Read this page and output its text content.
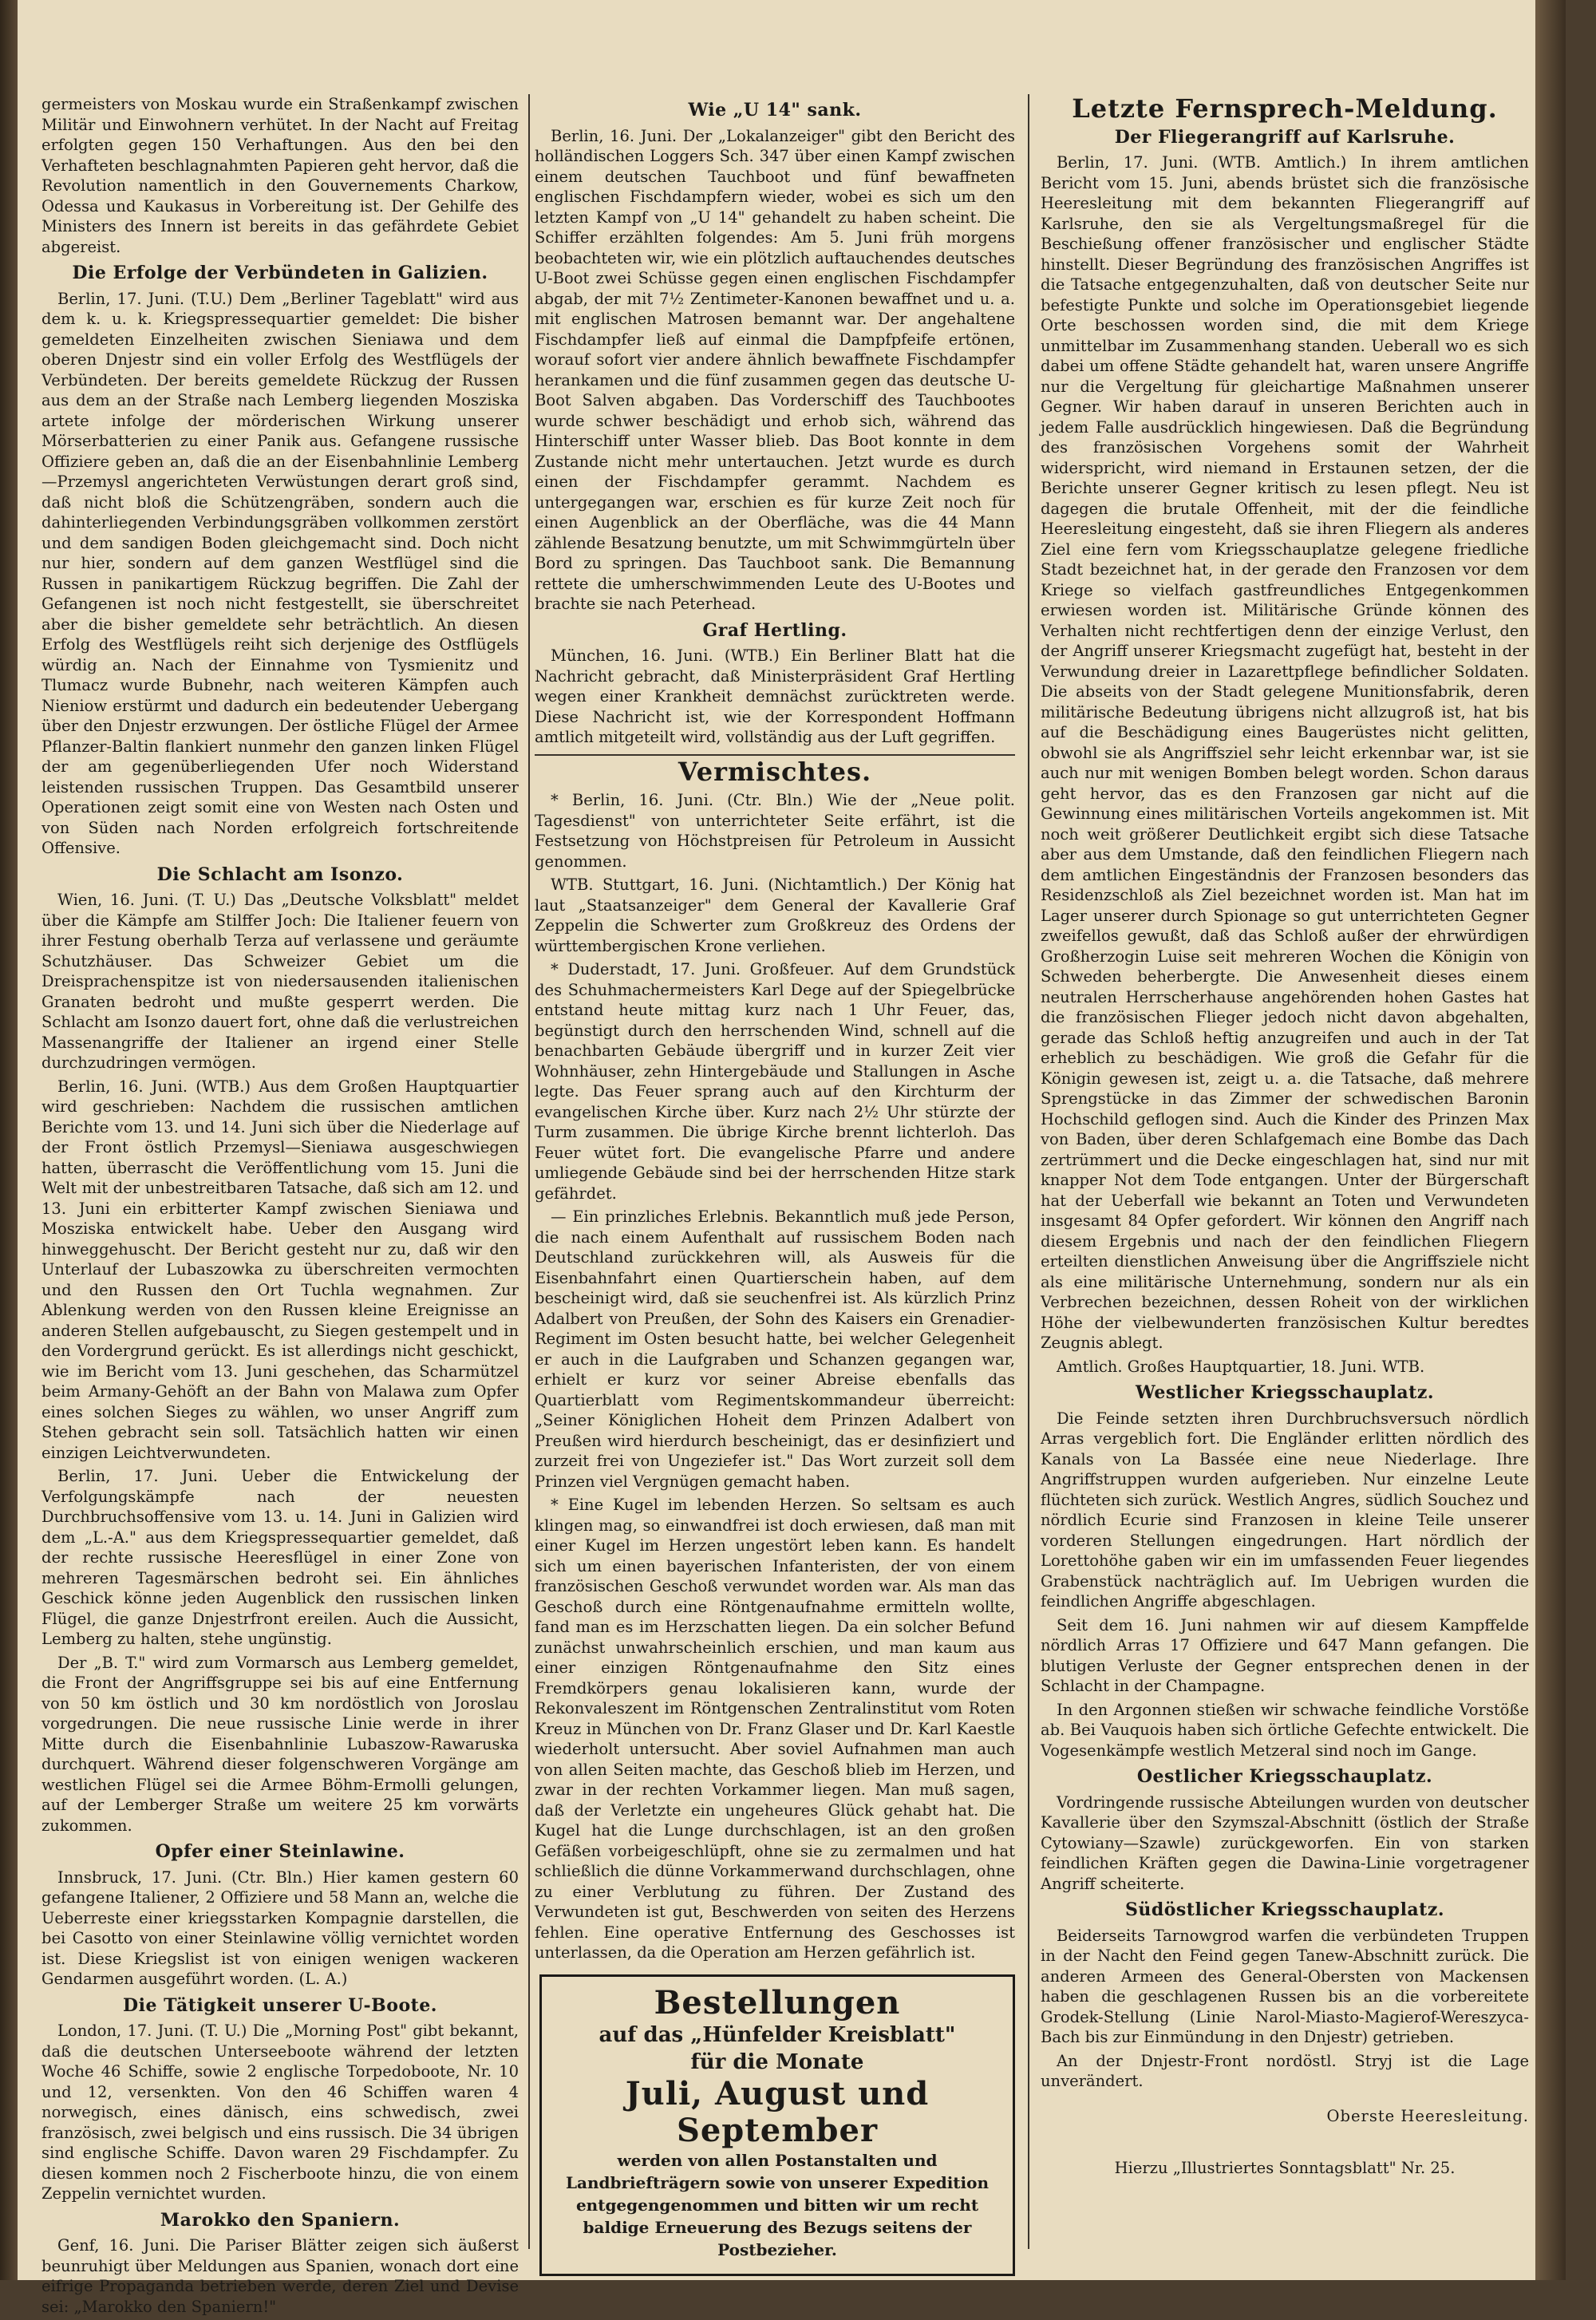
germeisters von Moskau wurde ein Straßenkampf zwischen Militär und Einwohnern verhütet. In der Nacht auf Freitag erfolgten gegen 150 Verhaftungen. Aus den bei den Verhafteten beschlagnahmten Papieren geht hervor, daß die Revolution namentlich in den Gouvernements Charkow, Odessa und Kaukasus in Vorbereitung ist. Der Gehilfe des Ministers des Innern ist bereits in das gefährdete Gebiet abgereist.

Die Erfolge der Verbündeten in Galizien.

Berlin, 17. Juni. (T.U.) Dem „Berliner Tageblatt" wird aus dem k. u. k. Kriegspressequartier gemeldet: Die bisher gemeldeten Einzelheiten zwischen Sieniawa und dem oberen Dnjestr sind ein voller Erfolg des Westflügels der Verbündeten. Der bereits gemeldete Rückzug der Russen aus dem an der Straße nach Lemberg liegenden Mosziska artete infolge der mörderischen Wirkung unserer Mörserbatterien zu einer Panik aus. Gefangene russische Offiziere geben an, daß die an der Eisenbahnlinie Lemberg—Przemysl angerichteten Verwüstungen derart groß sind, daß nicht bloß die Schützengräben, sondern auch die dahinterliegenden Verbindungsgräben vollkommen zerstört und dem sandigen Boden gleichgemacht sind. Doch nicht nur hier, sondern auf dem ganzen Westflügel sind die Russen in panikartigem Rückzug begriffen. Die Zahl der Gefangenen ist noch nicht festgestellt, sie überschreitet aber die bisher gemeldete sehr beträchtlich. An diesen Erfolg des Westflügels reiht sich derjenige des Ostflügels würdig an. Nach der Einnahme von Tysmienitz und Tlumacz wurde Bubnehr, nach weiteren Kämpfen auch Nieniow erstürmt und dadurch ein bedeutender Uebergang über den Dnjestr erzwungen. Der östliche Flügel der Armee Pflanzer-Baltin flankiert nunmehr den ganzen linken Flügel der am gegenüberliegenden Ufer noch Widerstand leistenden russischen Truppen. Das Gesamtbild unserer Operationen zeigt somit eine von Westen nach Osten und von Süden nach Norden erfolgreich fortschreitende Offensive.

Die Schlacht am Isonzo.

Wien, 16. Juni. (T. U.) Das „Deutsche Volksblatt" meldet über die Kämpfe am Stilffer Joch: Die Italiener feuern von ihrer Festung oberhalb Terza auf verlassene und geräumte Schutzhäuser. Das Schweizer Gebiet um die Dreisprachenspitze ist von niedersausenden italienischen Granaten bedroht und mußte gesperrt werden. Die Schlacht am Isonzo dauert fort, ohne daß die verlustreichen Massenangriffe der Italiener an irgend einer Stelle durchzudringen vermögen.

Berlin, 16. Juni. (WTB.) Aus dem Großen Hauptquartier wird geschrieben: Nachdem die russischen amtlichen Berichte vom 13. und 14. Juni sich über die Niederlage auf der Front östlich Przemysl—Sieniawa ausgeschwiegen hatten, überrascht die Veröffentlichung vom 15. Juni die Welt mit der unbestreitbaren Tatsache, daß sich am 12. und 13. Juni ein erbitterter Kampf zwischen Sieniawa und Mosziska entwickelt habe. Ueber den Ausgang wird hinweggehuscht. Der Bericht gesteht nur zu, daß wir den Unterlauf der Lubaszowka zu überschreiten vermochten und den Russen den Ort Tuchla wegnahmen. Zur Ablenkung werden von den Russen kleine Ereignisse an anderen Stellen aufgebauscht, zu Siegen gestempelt und in den Vordergrund gerückt. Es ist allerdings nicht geschickt, wie im Bericht vom 13. Juni geschehen, das Scharmützel beim Armany-Gehöft an der Bahn von Malawa zum Opfer eines solchen Sieges zu wählen, wo unser Angriff zum Stehen gebracht sein soll. Tatsächlich hatten wir einen einzigen Leichtverwundeten.

Berlin, 17. Juni. Ueber die Entwickelung der Verfolgungskämpfe nach der neuesten Durchbruchsoffensive vom 13. u. 14. Juni in Galizien wird dem „L.-A." aus dem Kriegspressequartier gemeldet, daß der rechte russische Heeresflügel in einer Zone von mehreren Tagesmärschen bedroht sei. Ein ähnliches Geschick könne jeden Augenblick den russischen linken Flügel, die ganze Dnjestrfront ereilen. Auch die Aussicht, Lemberg zu halten, stehe ungünstig.

Der „B. T." wird zum Vormarsch aus Lemberg gemeldet, die Front der Angriffsgruppe sei bis auf eine Entfernung von 50 km östlich und 30 km nordöstlich von Joroslau vorgedrungen. Die neue russische Linie werde in ihrer Mitte durch die Eisenbahnlinie Lubaszow-Rawaruska durchquert. Während dieser folgenschweren Vorgänge am westlichen Flügel sei die Armee Böhm-Ermolli gelungen, auf der Lemberger Straße um weitere 25 km vorwärts zukommen.

Opfer einer Steinlawine.

Innsbruck, 17. Juni. (Ctr. Bln.) Hier kamen gestern 60 gefangene Italiener, 2 Offiziere und 58 Mann an, welche die Ueberreste einer kriegsstarken Kompagnie darstellen, die bei Casotto von einer Steinlawine völlig vernichtet worden ist. Diese Kriegslist ist von einigen wenigen wackeren Gendarmen ausgeführt worden. (L. A.)

Die Tätigkeit unserer U-Boote.

London, 17. Juni. (T. U.) Die „Morning Post" gibt bekannt, daß die deutschen Unterseeboote während der letzten Woche 46 Schiffe, sowie 2 englische Torpedoboote, Nr. 10 und 12, versenkten. Von den 46 Schiffen waren 4 norwegisch, eines dänisch, eins schwedisch, zwei französisch, zwei belgisch und eins russisch. Die 34 übrigen sind englische Schiffe. Davon waren 29 Fischdampfer. Zu diesen kommen noch 2 Fischerboote hinzu, die von einem Zeppelin vernichtet wurden.

Marokko den Spaniern.

Genf, 16. Juni. Die Pariser Blätter zeigen sich äußerst beunruhigt über Meldungen aus Spanien, wonach dort eine eifrige Propaganda betrieben werde, deren Ziel und Devise sei: „Marokko den Spaniern!"

Wie „U 14" sank.

Berlin, 16. Juni. Der „Lokalanzeiger" gibt den Bericht des holländischen Loggers Sch. 347 über einen Kampf zwischen einem deutschen Tauchboot und fünf bewaffneten englischen Fischdampfern wieder, wobei es sich um den letzten Kampf von „U 14" gehandelt zu haben scheint. Die Schiffer erzählten folgendes: Am 5. Juni früh morgens beobachteten wir, wie ein plötzlich auftauchendes deutsches U-Boot zwei Schüsse gegen einen englischen Fischdampfer abgab, der mit 7½ Zentimeter-Kanonen bewaffnet und u. a. mit englischen Matrosen bemannt war. Der angehaltene Fischdampfer ließ auf einmal die Dampfpfeife ertönen, worauf sofort vier andere ähnlich bewaffnete Fischdampfer herankamen und die fünf zusammen gegen das deutsche U-Boot Salven abgaben. Das Vorderschiff des Tauchbootes wurde schwer beschädigt und erhob sich, während das Hinterschiff unter Wasser blieb. Das Boot konnte in dem Zustande nicht mehr untertauchen. Jetzt wurde es durch einen der Fischdampfer gerammt. Nachdem es untergegangen war, erschien es für kurze Zeit noch für einen Augenblick an der Oberfläche, was die 44 Mann zählende Besatzung benutzte, um mit Schwimmgürteln über Bord zu springen. Das Tauchboot sank. Die Bemannung rettete die umherschwimmenden Leute des U-Bootes und brachte sie nach Peterhead.

Graf Hertling.

München, 16. Juni. (WTB.) Ein Berliner Blatt hat die Nachricht gebracht, daß Ministerpräsident Graf Hertling wegen einer Krankheit demnächst zurücktreten werde. Diese Nachricht ist, wie der Korrespondent Hoffmann amtlich mitgeteilt wird, vollständig aus der Luft gegriffen.

Vermischtes.

* Berlin, 16. Juni. (Ctr. Bln.) Wie der „Neue polit. Tagesdienst" von unterrichteter Seite erfährt, ist die Festsetzung von Höchstpreisen für Petroleum in Aussicht genommen.

WTB. Stuttgart, 16. Juni. (Nichtamtlich.) Der König hat laut „Staatsanzeiger" dem General der Kavallerie Graf Zeppelin die Schwerter zum Großkreuz des Ordens der württembergischen Krone verliehen.

* Duderstadt, 17. Juni. Großfeuer. Auf dem Grundstück des Schuhmachermeisters Karl Dege auf der Spiegelbrücke entstand heute mittag kurz nach 1 Uhr Feuer, das, begünstigt durch den herrschenden Wind, schnell auf die benachbarten Gebäude übergriff und in kurzer Zeit vier Wohnhäuser, zehn Hintergebäude und Stallungen in Asche legte. Das Feuer sprang auch auf den Kirchturm der evangelischen Kirche über. Kurz nach 2½ Uhr stürzte der Turm zusammen. Die übrige Kirche brennt lichterloh. Das Feuer wütet fort. Die evangelische Pfarre und andere umliegende Gebäude sind bei der herrschenden Hitze stark gefährdet.

— Ein prinzliches Erlebnis. Bekanntlich muß jede Person, die nach einem Aufenthalt auf russischem Boden nach Deutschland zurückkehren will, als Ausweis für die Eisenbahnfahrt einen Quartierschein haben, auf dem bescheinigt wird, daß sie seuchenfrei ist. Als kürzlich Prinz Adalbert von Preußen, der Sohn des Kaisers ein Grenadier-Regiment im Osten besucht hatte, bei welcher Gelegenheit er auch in die Laufgraben und Schanzen gegangen war, erhielt er kurz vor seiner Abreise ebenfalls das Quartierblatt vom Regimentskommandeur überreicht: „Seiner Königlichen Hoheit dem Prinzen Adalbert von Preußen wird hierdurch bescheinigt, das er desinfiziert und zurzeit frei von Ungeziefer ist." Das Wort zurzeit soll dem Prinzen viel Vergnügen gemacht haben.

* Eine Kugel im lebenden Herzen. So seltsam es auch klingen mag, so einwandfrei ist doch erwiesen, daß man mit einer Kugel im Herzen ungestört leben kann. Es handelt sich um einen bayerischen Infanteristen, der von einem französischen Geschoß verwundet worden war. Als man das Geschoß durch eine Röntgenaufnahme ermitteln wollte, fand man es im Herzschatten liegen. Da ein solcher Befund zunächst unwahrscheinlich erschien, und man kaum aus einer einzigen Röntgenaufnahme den Sitz eines Fremdkörpers genau lokalisieren kann, wurde der Rekonvaleszent im Röntgenschen Zentralinstitut vom Roten Kreuz in München von Dr. Franz Glaser und Dr. Karl Kaestle wiederholt untersucht. Aber soviel Aufnahmen man auch von allen Seiten machte, das Geschoß blieb im Herzen, und zwar in der rechten Vorkammer liegen. Man muß sagen, daß der Verletzte ein ungeheures Glück gehabt hat. Die Kugel hat die Lunge durchschlagen, ist an den großen Gefäßen vorbeigeschlüpft, ohne sie zu zermalmen und hat schließlich die dünne Vorkammerwand durchschlagen, ohne zu einer Verblutung zu führen. Der Zustand des Verwundeten ist gut, Beschwerden von seiten des Herzens fehlen. Eine operative Entfernung des Geschosses ist unterlassen, da die Operation am Herzen gefährlich ist.

Bestellungen
auf das „Hünfelder Kreisblatt"
für die Monate
Juli, August und September
werden von allen Postanstalten und Landbriefträgern sowie von unserer Expedition entgegengenommen und bitten wir um recht baldige Erneuerung des Bezugs seitens der Postbezieher.
Letzte Fernsprech-Meldung.
Der Fliegerangriff auf Karlsruhe.

Berlin, 17. Juni. (WTB. Amtlich.) In ihrem amtlichen Bericht vom 15. Juni, abends brüstet sich die französische Heeresleitung mit dem bekannten Fliegerangriff auf Karlsruhe, den sie als Vergeltungsmaßregel für die Beschießung offener französischer und englischer Städte hinstellt. Dieser Begründung des französischen Angriffes ist die Tatsache entgegenzuhalten, daß von deutscher Seite nur befestigte Punkte und solche im Operationsgebiet liegende Orte beschossen worden sind, die mit dem Kriege unmittelbar im Zusammenhang standen. Ueberall wo es sich dabei um offene Städte gehandelt hat, waren unsere Angriffe nur die Vergeltung für gleichartige Maßnahmen unserer Gegner. Wir haben darauf in unseren Berichten auch in jedem Falle ausdrücklich hingewiesen. Daß die Begründung des französischen Vorgehens somit der Wahrheit widerspricht, wird niemand in Erstaunen setzen, der die Berichte unserer Gegner kritisch zu lesen pflegt. Neu ist dagegen die brutale Offenheit, mit der die feindliche Heeresleitung eingesteht, daß sie ihren Fliegern als anderes Ziel eine fern vom Kriegsschauplatze gelegene friedliche Stadt bezeichnet hat, in der gerade den Franzosen vor dem Kriege so vielfach gastfreundliches Entgegenkommen erwiesen worden ist. Militärische Gründe können des Verhalten nicht rechtfertigen denn der einzige Verlust, den der Angriff unserer Kriegsmacht zugefügt hat, besteht in der Verwundung dreier in Lazarettpflege befindlicher Soldaten. Die abseits von der Stadt gelegene Munitionsfabrik, deren militärische Bedeutung übrigens nicht allzugroß ist, hat bis auf die Beschädigung eines Baugerüstes nicht gelitten, obwohl sie als Angriffsziel sehr leicht erkennbar war, ist sie auch nur mit wenigen Bomben belegt worden. Schon daraus geht hervor, das es den Franzosen gar nicht auf die Gewinnung eines militärischen Vorteils angekommen ist. Mit noch weit größerer Deutlichkeit ergibt sich diese Tatsache aber aus dem Umstande, daß den feindlichen Fliegern nach dem amtlichen Eingeständnis der Franzosen besonders das Residenzschloß als Ziel bezeichnet worden ist. Man hat im Lager unserer durch Spionage so gut unterrichteten Gegner zweifellos gewußt, daß das Schloß außer der ehrwürdigen Großherzogin Luise seit mehreren Wochen die Königin von Schweden beherbergte. Die Anwesenheit dieses einem neutralen Herrscherhause angehörenden hohen Gastes hat die französischen Flieger jedoch nicht davon abgehalten, gerade das Schloß heftig anzugreifen und auch in der Tat erheblich zu beschädigen. Wie groß die Gefahr für die Königin gewesen ist, zeigt u. a. die Tatsache, daß mehrere Sprengstücke in das Zimmer der schwedischen Baronin Hochschild geflogen sind. Auch die Kinder des Prinzen Max von Baden, über deren Schlafgemach eine Bombe das Dach zertrümmert und die Decke eingeschlagen hat, sind nur mit knapper Not dem Tode entgangen. Unter der Bürgerschaft hat der Ueberfall wie bekannt an Toten und Verwundeten insgesamt 84 Opfer gefordert. Wir können den Angriff nach diesem Ergebnis und nach der den feindlichen Fliegern erteilten dienstlichen Anweisung über die Angriffsziele nicht als eine militärische Unternehmung, sondern nur als ein Verbrechen bezeichnen, dessen Roheit von der wirklichen Höhe der vielbewunderten französischen Kultur beredtes Zeugnis ablegt.

Amtlich. Großes Hauptquartier, 18. Juni. WTB.

Westlicher Kriegsschauplatz.

Die Feinde setzten ihren Durchbruchsversuch nördlich Arras vergeblich fort. Die Engländer erlitten nördlich des Kanals von La Bassée eine neue Niederlage. Ihre Angriffstruppen wurden aufgerieben. Nur einzelne Leute flüchteten sich zurück. Westlich Angres, südlich Souchez und nördlich Ecurie sind Franzosen in kleine Teile unserer vorderen Stellungen eingedrungen. Hart nördlich der Lorettohöhe gaben wir ein im umfassenden Feuer liegendes Grabenstück nachträglich auf. Im Uebrigen wurden die feindlichen Angriffe abgeschlagen.

Seit dem 16. Juni nahmen wir auf diesem Kampffelde nördlich Arras 17 Offiziere und 647 Mann gefangen. Die blutigen Verluste der Gegner entsprechen denen in der Schlacht in der Champagne.

In den Argonnen stießen wir schwache feindliche Vorstöße ab. Bei Vauquois haben sich örtliche Gefechte entwickelt. Die Vogesenkämpfe westlich Metzeral sind noch im Gange.

Oestlicher Kriegsschauplatz.

Vordringende russische Abteilungen wurden von deutscher Kavallerie über den Szymszal-Abschnitt (östlich der Straße Cytowiany—Szawle) zurückgeworfen. Ein von starken feindlichen Kräften gegen die Dawina-Linie vorgetragener Angriff scheiterte.

Südöstlicher Kriegsschauplatz.

Beiderseits Tarnowgrod warfen die verbündeten Truppen in der Nacht den Feind gegen Tanew-Abschnitt zurück. Die anderen Armeen des General-Obersten von Mackensen haben die geschlagenen Russen bis an die vorbereitete Grodek-Stellung (Linie Narol-Miasto-Magierof-Wereszyca-Bach bis zur Einmündung in den Dnjestr) getrieben.

An der Dnjestr-Front nordöstl. Stryj ist die Lage unverändert.

Oberste Heeresleitung.
Hierzu „Illustriertes Sonntagsblatt" Nr. 25.
